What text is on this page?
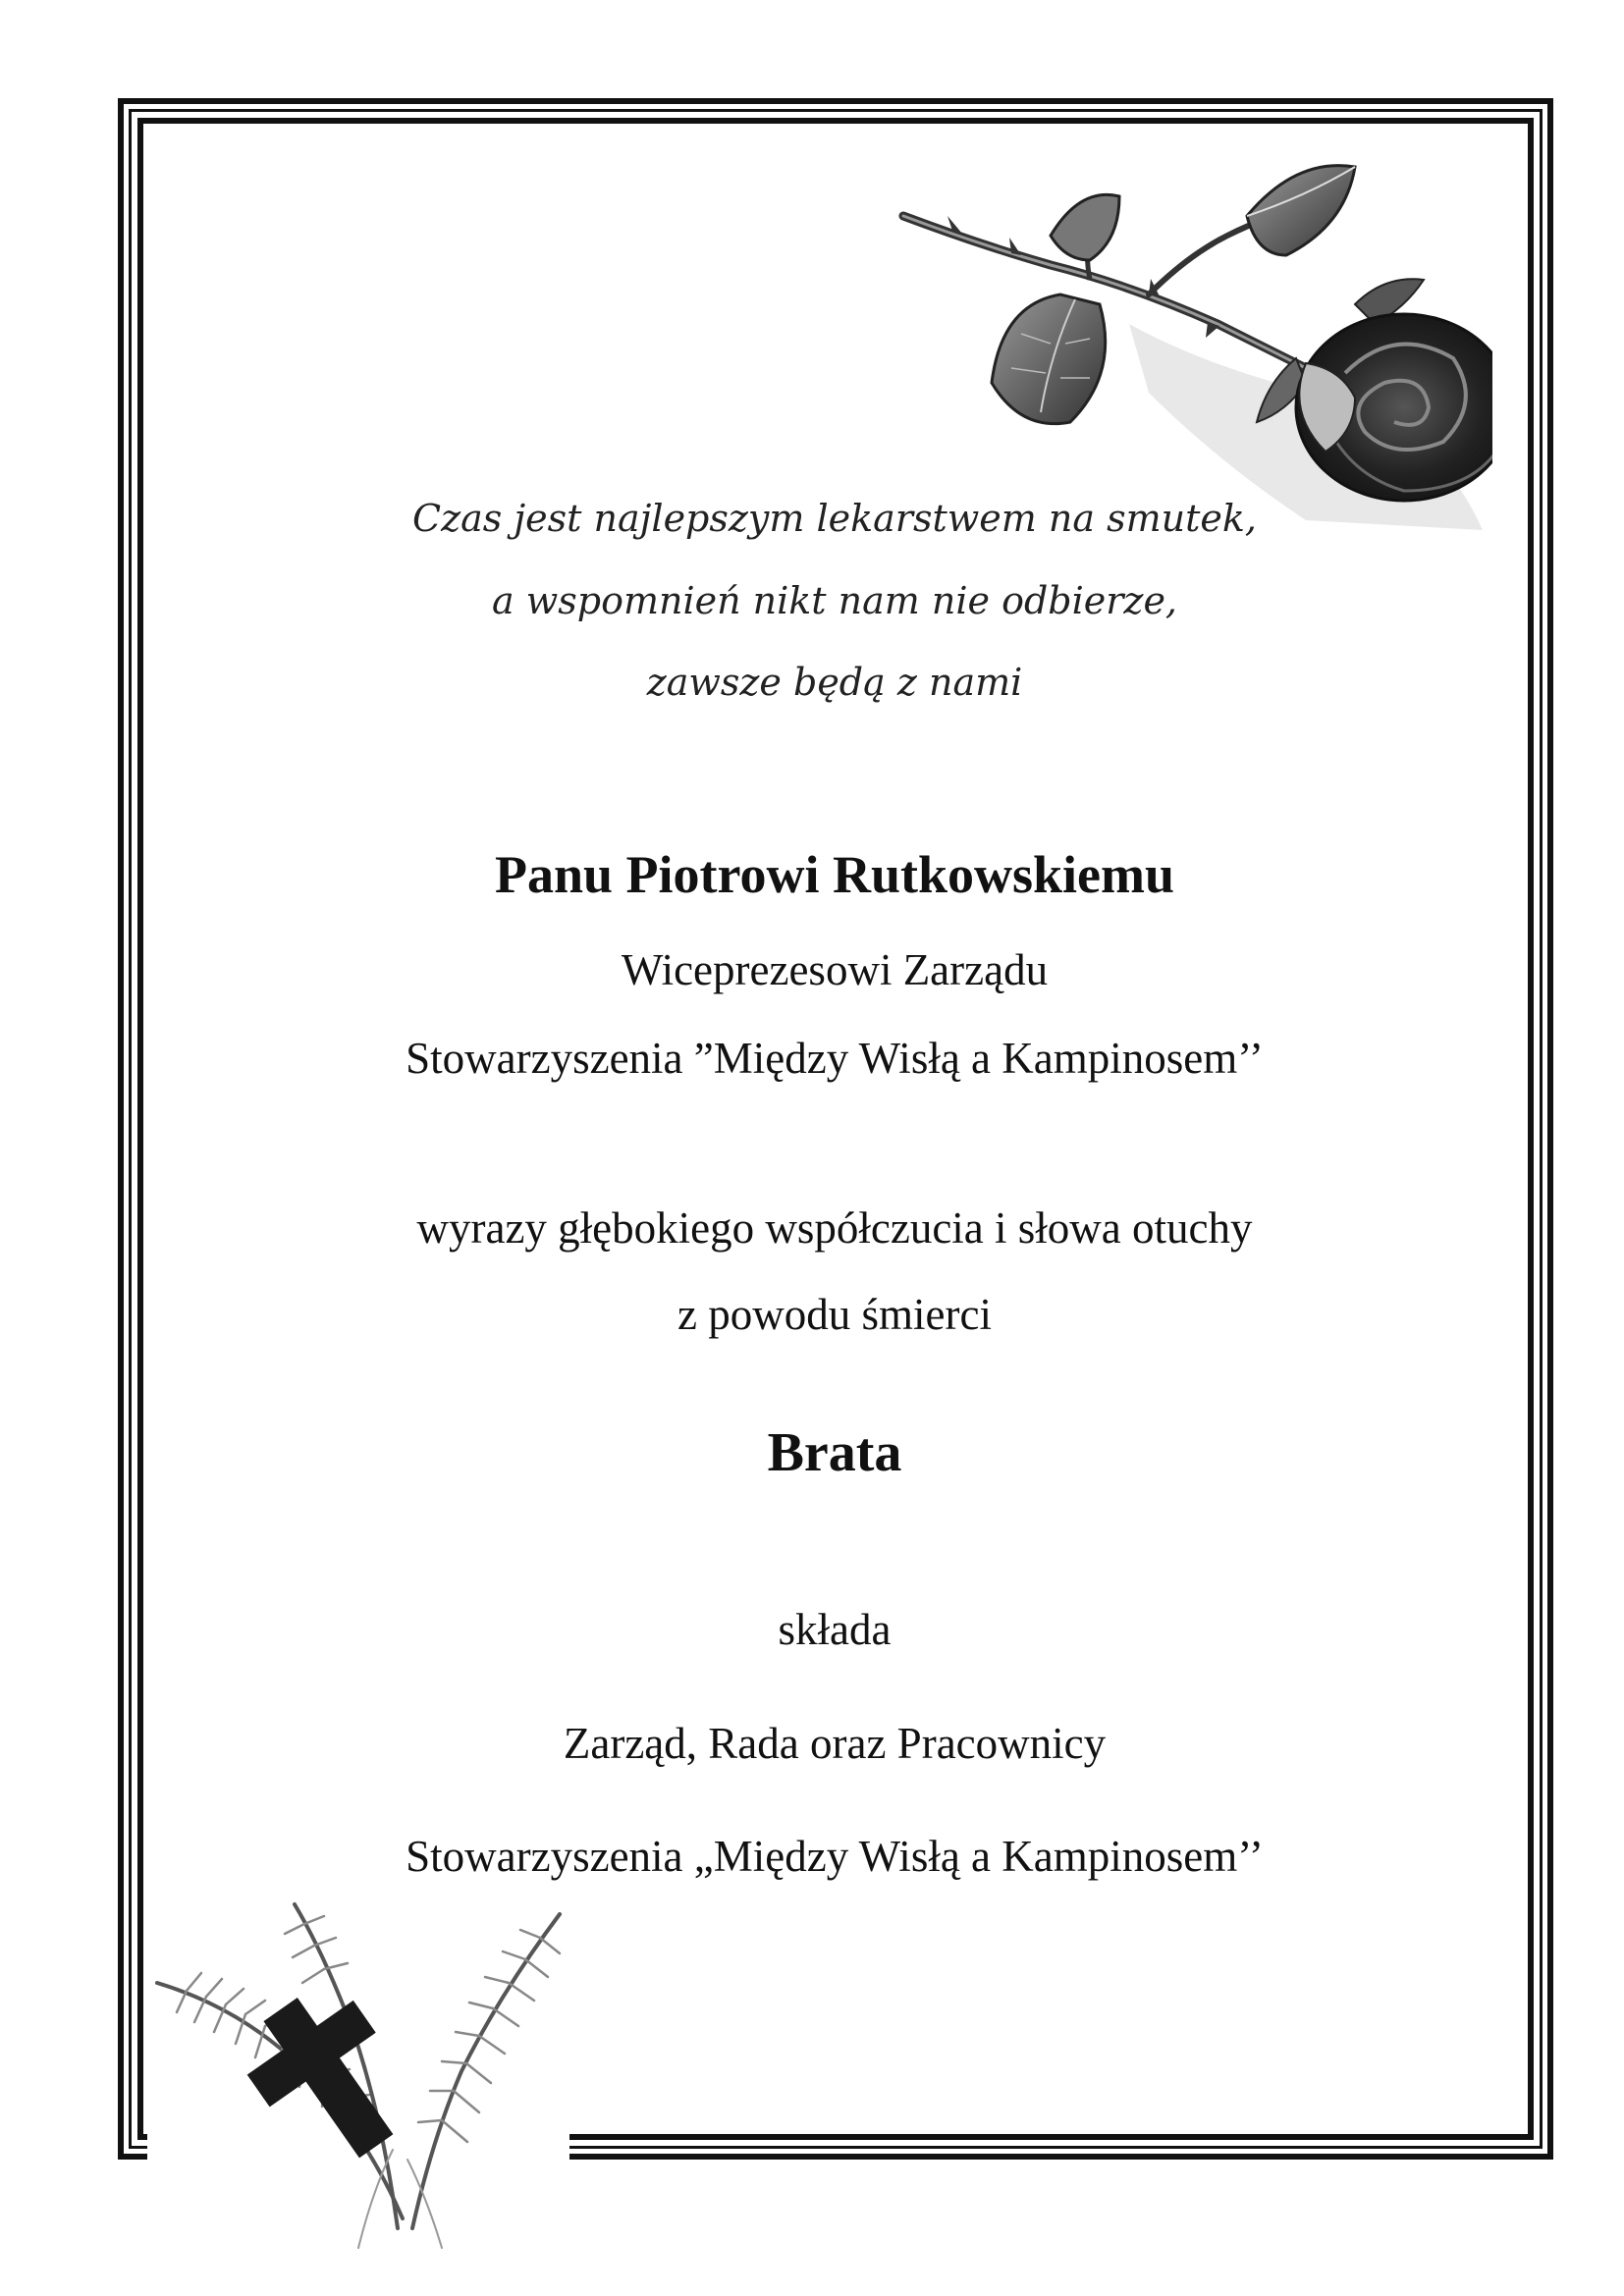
Czas jest najlepszym lekarstwem na smutek,
a wspomnień nikt nam nie odbierze,
zawsze będą z nami
Panu Piotrowi Rutkowskiemu
Wiceprezesowi Zarządu
Stowarzyszenia ”Między Wisłą a Kampinosem’’
wyrazy głębokiego współczucia i słowa otuchy
z powodu śmierci
Brata
składa
Zarząd, Rada oraz Pracownicy
Stowarzyszenia „Między Wisłą a Kampinosem’’
